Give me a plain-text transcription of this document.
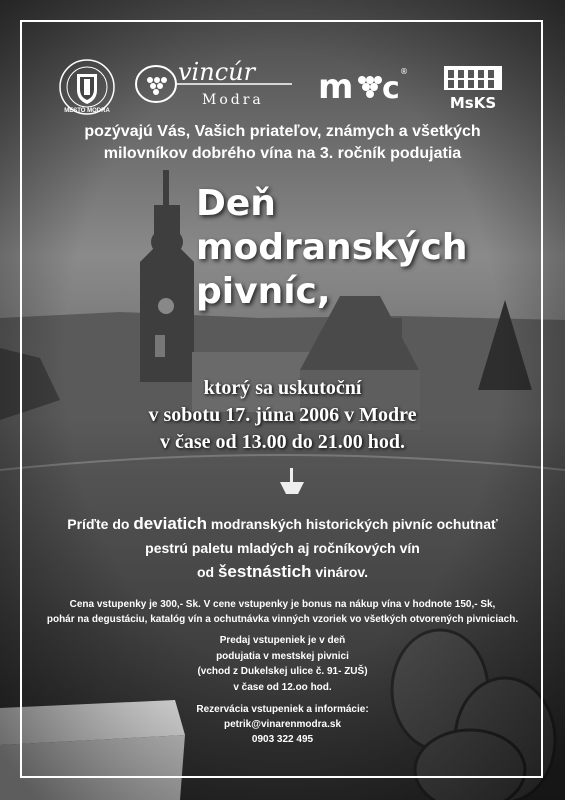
MESTO MODRA
vincúr
Modra m c ®
MsKS
pozývajú Vás, Vašich priateľov, známych a všetkých
milovníkov dobrého vína na 3. ročník podujatia
Deň
modranských
pivníc,
ktorý sa uskutoční
v sobotu 17. júna 2006 v Modre
v čase od 13.00 do 21.00 hod.
Príďte do deviatich modranských historických pivníc ochutnať
pestrú paletu mladých aj ročníkových vín
od šestnástich vinárov.
Cena vstupenky je 300,- Sk. V cene vstupenky je bonus na nákup vína v hodnote 150,- Sk,
pohár na degustáciu, katalóg vín a ochutnávka vinných vzoriek vo všetkých otvorených pivniciach.
Predaj vstupeniek je v deň
podujatia v mestskej pivnici
(vchod z Dukelskej ulice č. 91- ZUŠ)
v čase od 12.oo hod.
Rezervácia vstupeniek a informácie:
petrik@vinarenmodra.sk
0903 322 495
